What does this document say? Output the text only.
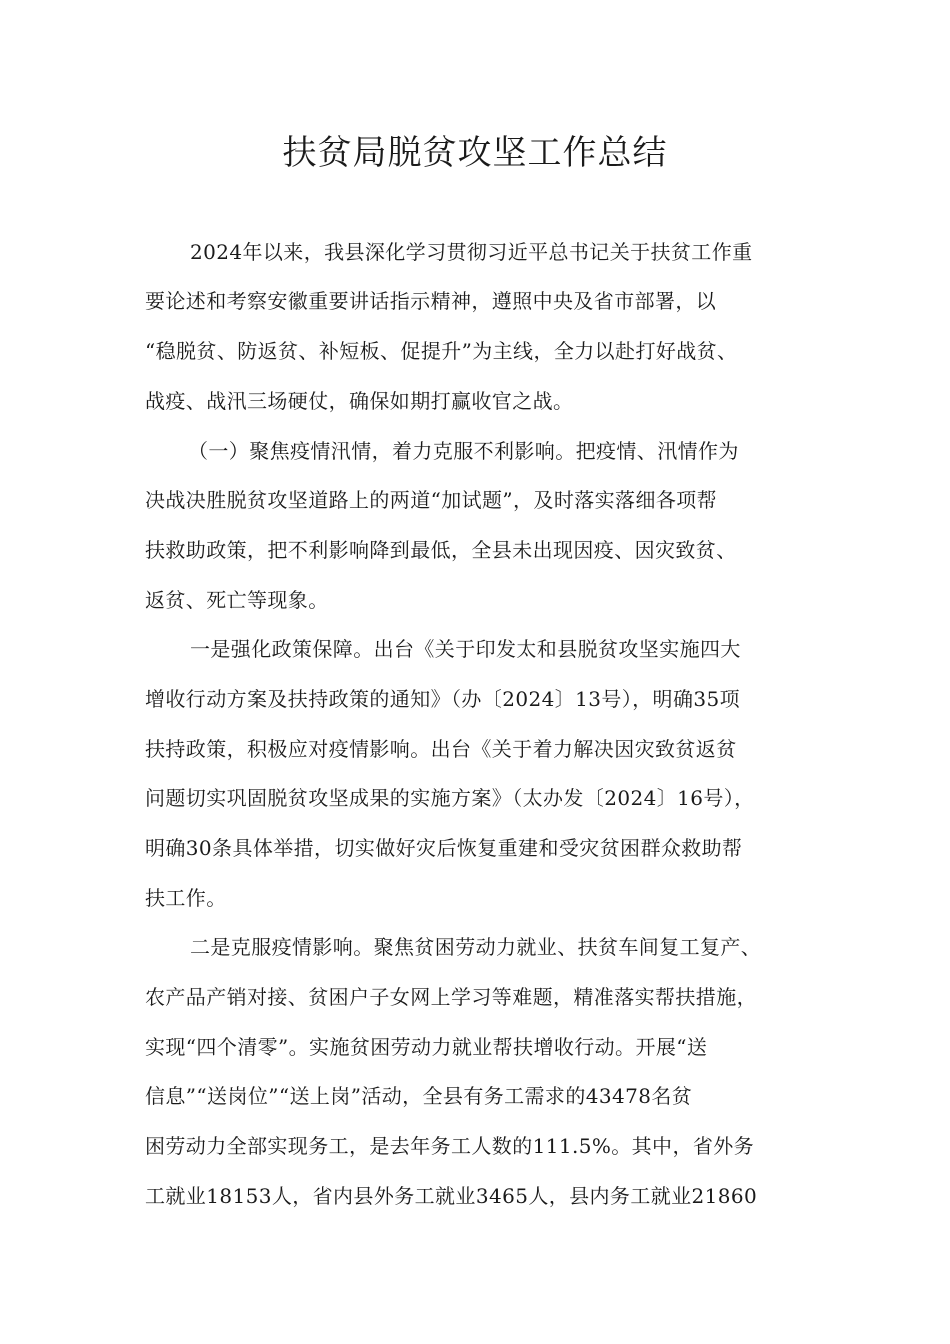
扶贫局脱贫攻坚工作总结
2024年以来，我县深化学习贯彻习近平总书记关于扶贫工作重
要论述和考察安徽重要讲话指示精神，遵照中央及省市部署，以
“稳脱贫、防返贫、补短板、促提升”为主线，全力以赴打好战贫、
战疫、战汛三场硬仗，确保如期打赢收官之战。
（一）聚焦疫情汛情，着力克服不利影响。把疫情、汛情作为
决战决胜脱贫攻坚道路上的两道“加试题”，及时落实落细各项帮
扶救助政策，把不利影响降到最低，全县未出现因疫、因灾致贫、
返贫、死亡等现象。
一是强化政策保障。出台《关于印发太和县脱贫攻坚实施四大
增收行动方案及扶持政策的通知》（办〔2024〕13号），明确35项
扶持政策，积极应对疫情影响。出台《关于着力解决因灾致贫返贫
问题切实巩固脱贫攻坚成果的实施方案》（太办发〔2024〕16号），
明确30条具体举措，切实做好灾后恢复重建和受灾贫困群众救助帮
扶工作。
二是克服疫情影响。聚焦贫困劳动力就业、扶贫车间复工复产、
农产品产销对接、贫困户子女网上学习等难题，精准落实帮扶措施，
实现“四个清零”。实施贫困劳动力就业帮扶增收行动。开展“送
信息”“送岗位”“送上岗”活动，全县有务工需求的43478名贫
困劳动力全部实现务工，是去年务工人数的111.5%。其中，省外务
工就业18153人，省内县外务工就业3465人，县内务工就业21860
